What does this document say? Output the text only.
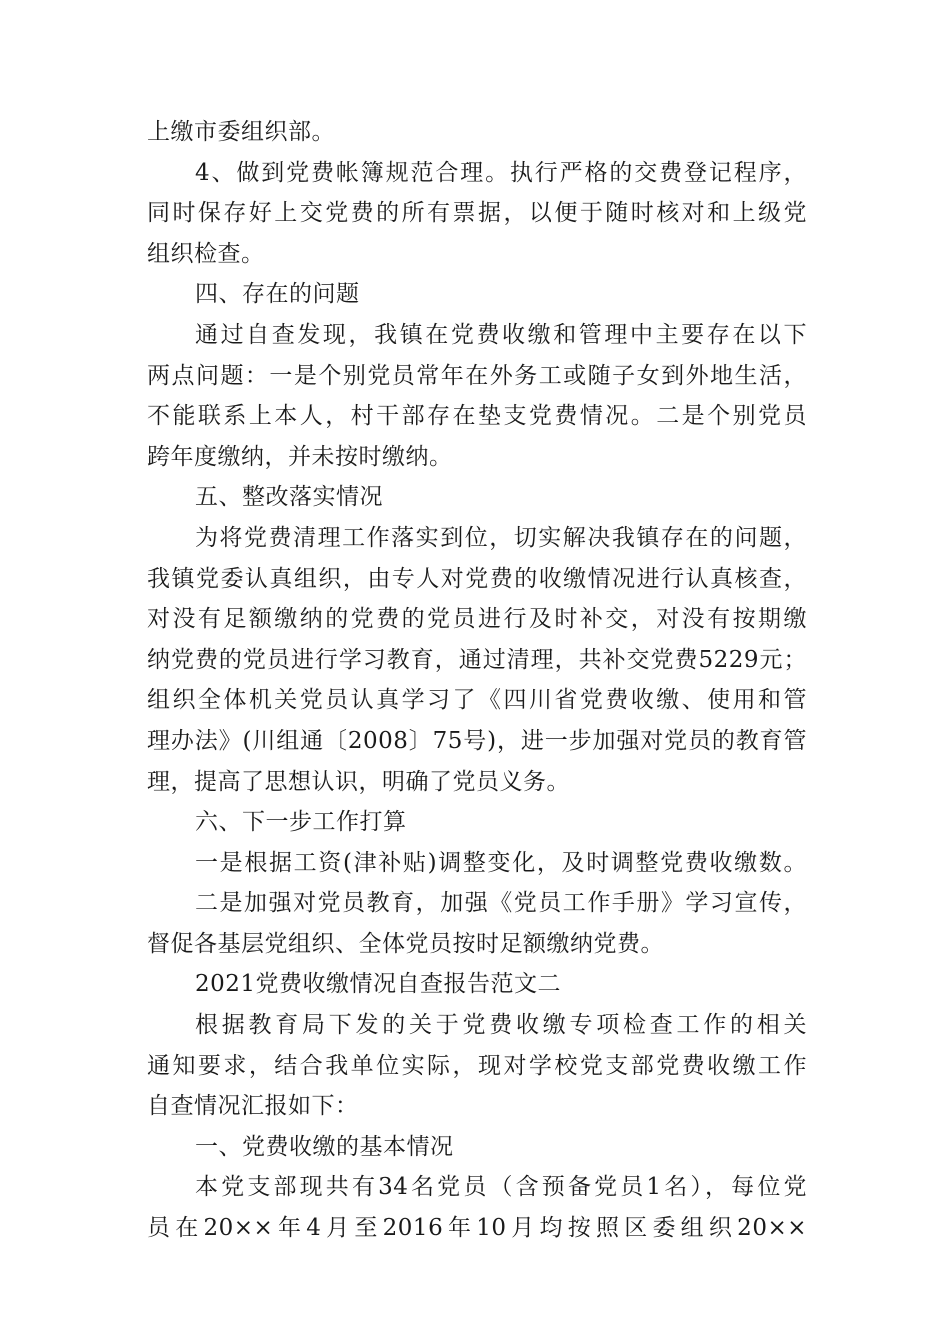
上缴市委组织部。
4、做到党费帐簿规范合理。执行严格的交费登记程序，
同时保存好上交党费的所有票据，以便于随时核对和上级党
组织检查。
四、存在的问题
通过自查发现，我镇在党费收缴和管理中主要存在以下
两点问题：一是个别党员常年在外务工或随子女到外地生活，
不能联系上本人，村干部存在垫支党费情况。二是个别党员
跨年度缴纳，并未按时缴纳。
五、整改落实情况
为将党费清理工作落实到位，切实解决我镇存在的问题，
我镇党委认真组织，由专人对党费的收缴情况进行认真核查，
对没有足额缴纳的党费的党员进行及时补交，对没有按期缴
纳党费的党员进行学习教育，通过清理，共补交党费5229元；
组织全体机关党员认真学习了《四川省党费收缴、使用和管
理办法》(川组通〔2008〕75号)，进一步加强对党员的教育管
理，提高了思想认识，明确了党员义务。
六、下一步工作打算
一是根据工资(津补贴)调整变化，及时调整党费收缴数。
二是加强对党员教育，加强《党员工作手册》学习宣传，
督促各基层党组织、全体党员按时足额缴纳党费。
2021党费收缴情况自查报告范文二
根据教育局下发的关于党费收缴专项检查工作的相关
通知要求，结合我单位实际，现对学校党支部党费收缴工作
自查情况汇报如下：
一、党费收缴的基本情况
本党支部现共有34名党员（含预备党员1名），每位党
员在20××年4月至2016年10月均按照区委组织20××
